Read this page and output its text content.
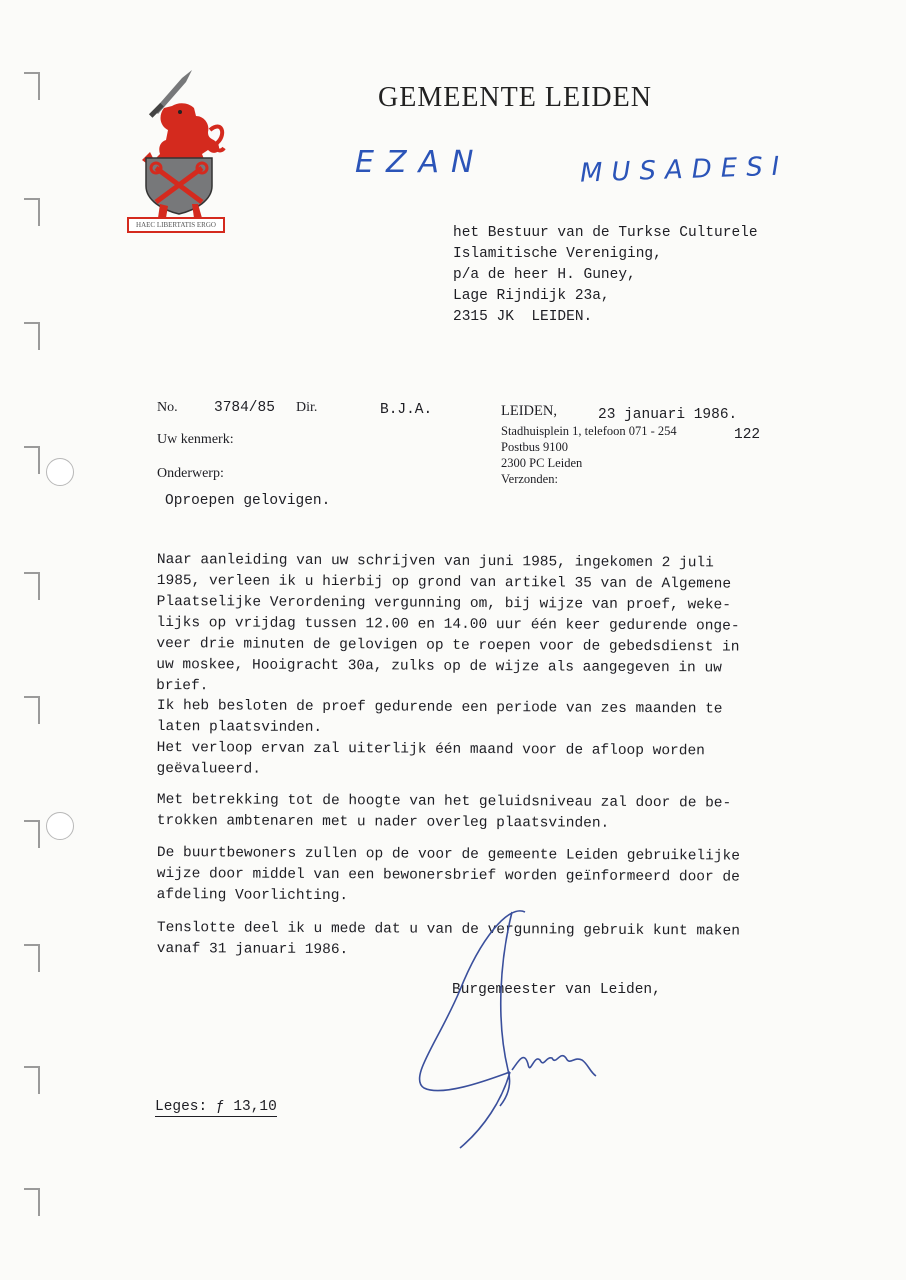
HAEC LIBERTATIS ERGO
GEMEENTE LEIDEN
EZAN	MUSADESI
het Bestuur van de Turkse Culturele
Islamitische Vereniging,
p/a de heer H. Guney,
Lage Rijndijk 23a,
2315 JK  LEIDEN.
No.	3784/85 Dir.	B.J.A.
Uw kenmerk:
Onderwerp:
Oproepen gelovigen.
LEIDEN,	23 januari 1986.
Stadhuisplein 1, telefoon 071 - 254	122
Postbus 9100
2300 PC Leiden
Verzonden:
Naar aanleiding van uw schrijven van juni 1985, ingekomen 2 juli
1985, verleen ik u hierbij op grond van artikel 35 van de Algemene
Plaatselijke Verordening vergunning om, bij wijze van proef, weke-
lijks op vrijdag tussen 12.00 en 14.00 uur één keer gedurende onge-
veer drie minuten de gelovigen op te roepen voor de gebedsdienst in
uw moskee, Hooigracht 30a, zulks op de wijze als aangegeven in uw
brief.
Ik heb besloten de proef gedurende een periode van zes maanden te
laten plaatsvinden.
Het verloop ervan zal uiterlijk één maand voor de afloop worden
geëvalueerd.
Met betrekking tot de hoogte van het geluidsniveau zal door de be-
trokken ambtenaren met u nader overleg plaatsvinden.
De buurtbewoners zullen op de voor de gemeente Leiden gebruikelijke
wijze door middel van een bewonersbrief worden geïnformeerd door de
afdeling Voorlichting.
Tenslotte deel ik u mede dat u van de vergunning gebruik kunt maken
vanaf 31 januari 1986.
Burgemeester van Leiden,
Leges: ƒ 13,10
